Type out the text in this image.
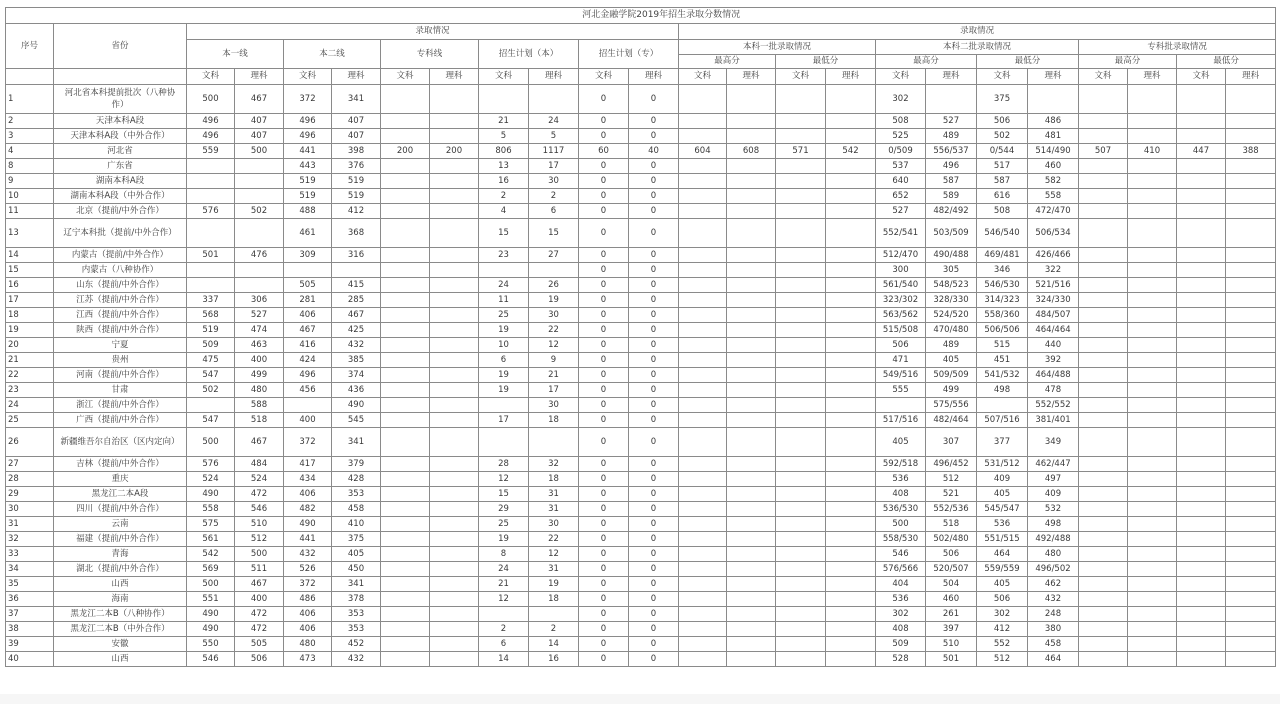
河北金融学院2019年招生录取分数情况																							
序号	省份	录取情况										录取情况											
		本一线		本二线		专科线		招生计划（本）		招生计划（专）		本科一批录取情况				本科二批录取情况				专科批录取情况			
												最高分		最低分		最高分		最低分		最高分		最低分	
		文科	理科	文科	理科	文科	理科	文科	理科	文科	理科	文科	理科	文科	理科	文科	理科	文科	理科	文科	理科	文科	理科
1	河北省本科提前批次（八种协作）	500	467	372	341					0	0					302		375					
2	天津本科A段	496	407	496	407			21	24	0	0					508	527	506	486				
3	天津本科A段（中外合作）	496	407	496	407			5	5	0	0					525	489	502	481				
4	河北省	559	500	441	398	200	200	806	1117	60	40	604	608	571	542	0/509	556/537	0/544	514/490	507	410	447	388
8	广东省			443	376			13	17	0	0					537	496	517	460				
9	湖南本科A段			519	519			16	30	0	0					640	587	587	582				
10	湖南本科A段（中外合作）			519	519			2	2	0	0					652	589	616	558				
11	北京（提前/中外合作）	576	502	488	412			4	6	0	0					527	482/492	508	472/470				
13	辽宁本科批（提前/中外合作）			461	368			15	15	0	0					552/541	503/509	546/540	506/534				
14	内蒙古（提前/中外合作）	501	476	309	316			23	27	0	0					512/470	490/488	469/481	426/466				
15	内蒙古（八种协作）									0	0					300	305	346	322				
16	山东（提前/中外合作）			505	415			24	26	0	0					561/540	548/523	546/530	521/516				
17	江苏（提前/中外合作）	337	306	281	285			11	19	0	0					323/302	328/330	314/323	324/330				
18	江西（提前/中外合作）	568	527	406	467			25	30	0	0					563/562	524/520	558/360	484/507				
19	陕西（提前/中外合作）	519	474	467	425			19	22	0	0					515/508	470/480	506/506	464/464				
20	宁夏	509	463	416	432			10	12	0	0					506	489	515	440				
21	贵州	475	400	424	385			6	9	0	0					471	405	451	392				
22	河南（提前/中外合作）	547	499	496	374			19	21	0	0					549/516	509/509	541/532	464/488				
23	甘肃	502	480	456	436			19	17	0	0					555	499	498	478				
24	浙江（提前/中外合作）		588		490				30	0	0						575/556		552/552				
25	广西（提前/中外合作）	547	518	400	545			17	18	0	0					517/516	482/464	507/516	381/401				
26	新疆维吾尔自治区（区内定向）	500	467	372	341					0	0					405	307	377	349				
27	吉林（提前/中外合作）	576	484	417	379			28	32	0	0					592/518	496/452	531/512	462/447				
28	重庆	524	524	434	428			12	18	0	0					536	512	409	497				
29	黑龙江二本A段	490	472	406	353			15	31	0	0					408	521	405	409				
30	四川（提前/中外合作）	558	546	482	458			29	31	0	0					536/530	552/536	545/547	532				
31	云南	575	510	490	410			25	30	0	0					500	518	536	498				
32	福建（提前/中外合作）	561	512	441	375			19	22	0	0					558/530	502/480	551/515	492/488				
33	青海	542	500	432	405			8	12	0	0					546	506	464	480				
34	湖北（提前/中外合作）	569	511	526	450			24	31	0	0					576/566	520/507	559/559	496/502				
35	山西	500	467	372	341			21	19	0	0					404	504	405	462				
36	海南	551	400	486	378			12	18	0	0					536	460	506	432				
37	黑龙江二本B（八种协作）	490	472	406	353					0	0					302	261	302	248				
38	黑龙江二本B（中外合作）	490	472	406	353			2	2	0	0					408	397	412	380				
39	安徽	550	505	480	452			6	14	0	0					509	510	552	458				
40	山西	546	506	473	432			14	16	0	0					528	501	512	464				
